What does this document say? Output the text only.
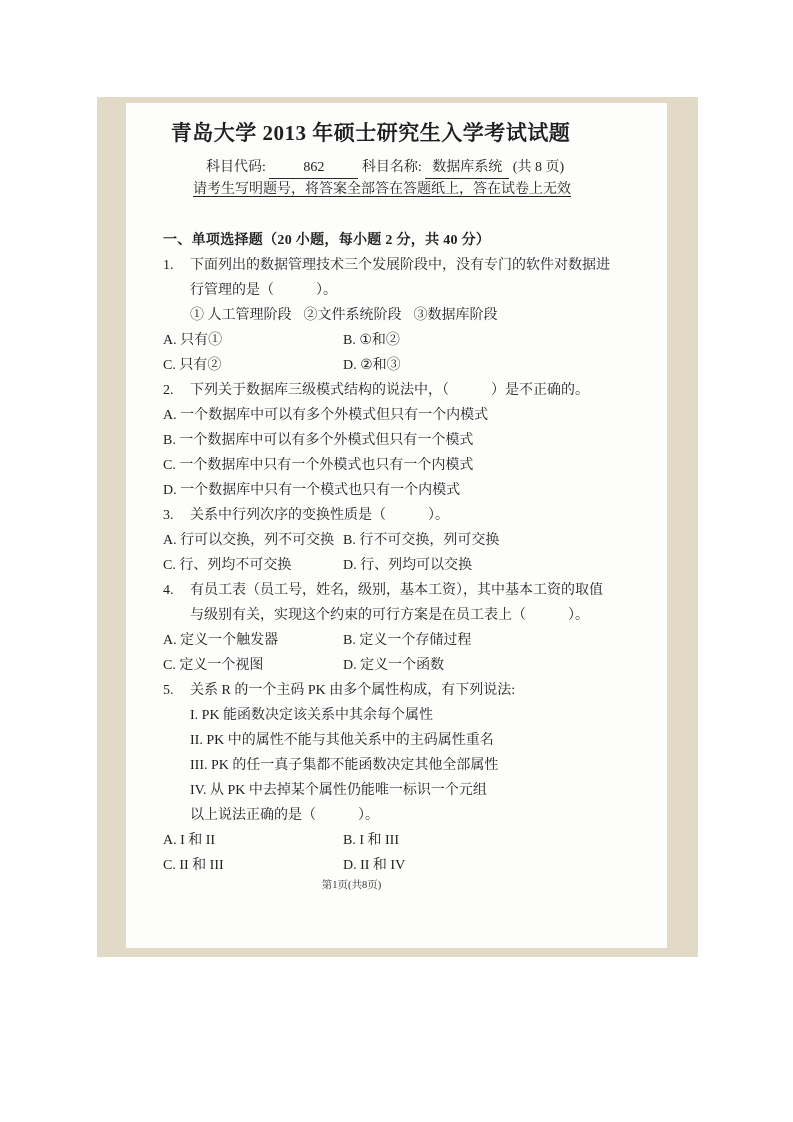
青岛大学 2013 年硕士研究生入学考试试题
科目代码:	862	科目名称: 数据库系统 (共 8 页)
请考生写明题号，将答案全部答在答题纸上，答在试卷上无效
一、单项选择题（20 小题，每小题 2 分，共 40 分）
1. 下面列出的数据管理技术三个发展阶段中，没有专门的软件对数据进
行管理的是（　　　）。
① 人工管理阶段 ②文件系统阶段 ③数据库阶段
A. 只有①	B. ①和②
C. 只有②	D. ②和③
2. 下列关于数据库三级模式结构的说法中，（　　　）是不正确的。
A. 一个数据库中可以有多个外模式但只有一个内模式
B. 一个数据库中可以有多个外模式但只有一个模式
C. 一个数据库中只有一个外模式也只有一个内模式
D. 一个数据库中只有一个模式也只有一个内模式
3. 关系中行列次序的变换性质是（　　　）。
A. 行可以交换，列不可交换 B. 行不可交换，列可交换
C. 行、列均不可交换	D. 行、列均可以交换
4. 有员工表（员工号，姓名，级别，基本工资），其中基本工资的取值
与级别有关，实现这个约束的可行方案是在员工表上（　　　）。
A. 定义一个触发器	B. 定义一个存储过程
C. 定义一个视图	D. 定义一个函数
5. 关系 R 的一个主码 PK 由多个属性构成，有下列说法:
I. PK 能函数决定该关系中其余每个属性
II. PK 中的属性不能与其他关系中的主码属性重名
III. PK 的任一真子集都不能函数决定其他全部属性
IV. 从 PK 中去掉某个属性仍能唯一标识一个元组
以上说法正确的是（　　　）。
A. I 和 II	B. I 和 III
C. II 和 III	D. II 和 IV
第1页(共8页)
